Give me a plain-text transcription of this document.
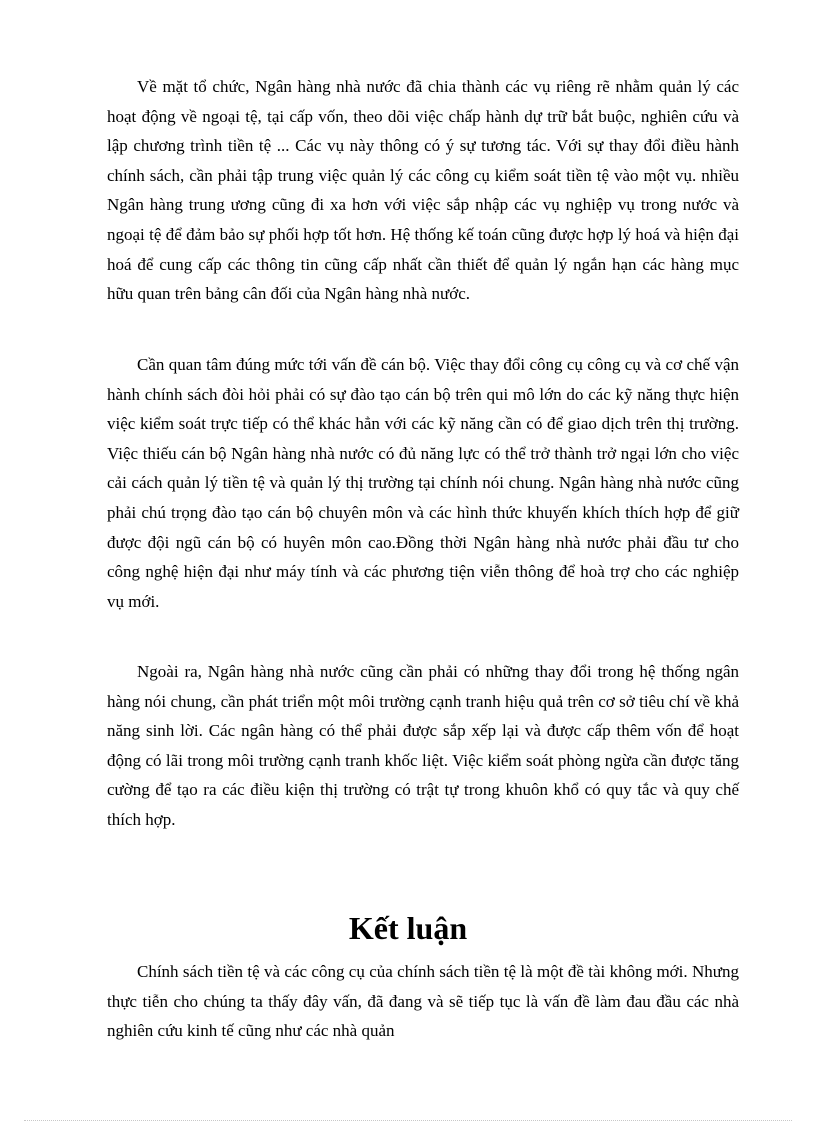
Về mặt tổ chức, Ngân hàng nhà nước đã chia thành các vụ riêng rẽ nhằm quản lý các hoạt động về ngoại tệ, tại cấp vốn, theo dõi việc chấp hành dự trữ bắt buộc, nghiên cứu và lập chương trình tiền tệ ... Các vụ này thông có ý sự tương tác. Với sự thay đổi điều hành chính sách, cần phải tập trung việc quản lý các công cụ kiểm soát tiền tệ vào một vụ. nhiều Ngân hàng trung ương cũng đi xa hơn với việc sắp nhập các vụ nghiệp vụ trong nước và ngoại tệ để đảm bảo sự phối hợp tốt hơn. Hệ thống kế toán cũng được hợp lý hoá và hiện đại hoá để cung cấp các thông tin cũng cấp nhất cần thiết để quản lý ngắn hạn các hàng mục hữu quan trên bảng cân đối của Ngân hàng nhà nước.

Cần quan tâm đúng mức tới vấn đề cán bộ. Việc thay đổi công cụ công cụ và cơ chế vận hành chính sách đòi hỏi phải có sự đào tạo cán bộ trên qui mô lớn do các kỹ năng thực hiện việc kiểm soát trực tiếp có thể khác hẳn với các kỹ năng cần có để giao dịch trên thị trường. Việc thiếu cán bộ Ngân hàng nhà nước có đủ năng lực có thể trở thành trở ngại lớn cho việc cải cách quản lý tiền tệ và quản lý thị trường tại chính nói chung. Ngân hàng nhà nước cũng phải chú trọng đào tạo cán bộ chuyên môn và các hình thức khuyến khích thích hợp để giữ được đội ngũ cán bộ có huyên môn cao.Đồng thời Ngân hàng nhà nước phải đầu tư cho công nghệ hiện đại như máy tính và các phương tiện viễn thông để hoà trợ cho các nghiệp vụ mới.

Ngoài ra, Ngân hàng nhà nước cũng cần phải có những thay đổi trong hệ thống ngân hàng nói chung, cần phát triển một môi trường cạnh tranh hiệu quả trên cơ sở tiêu chí về khả năng sinh lời. Các ngân hàng có thể phải được sắp xếp lại và được cấp thêm vốn để hoạt động có lãi trong môi trường cạnh tranh khốc liệt. Việc kiểm soát phòng ngừa cần được tăng cường để tạo ra các điều kiện thị trường có trật tự trong khuôn khổ có quy tắc và quy chế thích hợp.

Kết luận

Chính sách tiền tệ và các công cụ của chính sách tiền tệ là một đề tài không mới. Nhưng thực tiễn cho chúng ta thấy đây vấn, đã đang và sẽ tiếp tục là vấn đề làm đau đầu các nhà nghiên cứu kinh tế cũng như các nhà quản
